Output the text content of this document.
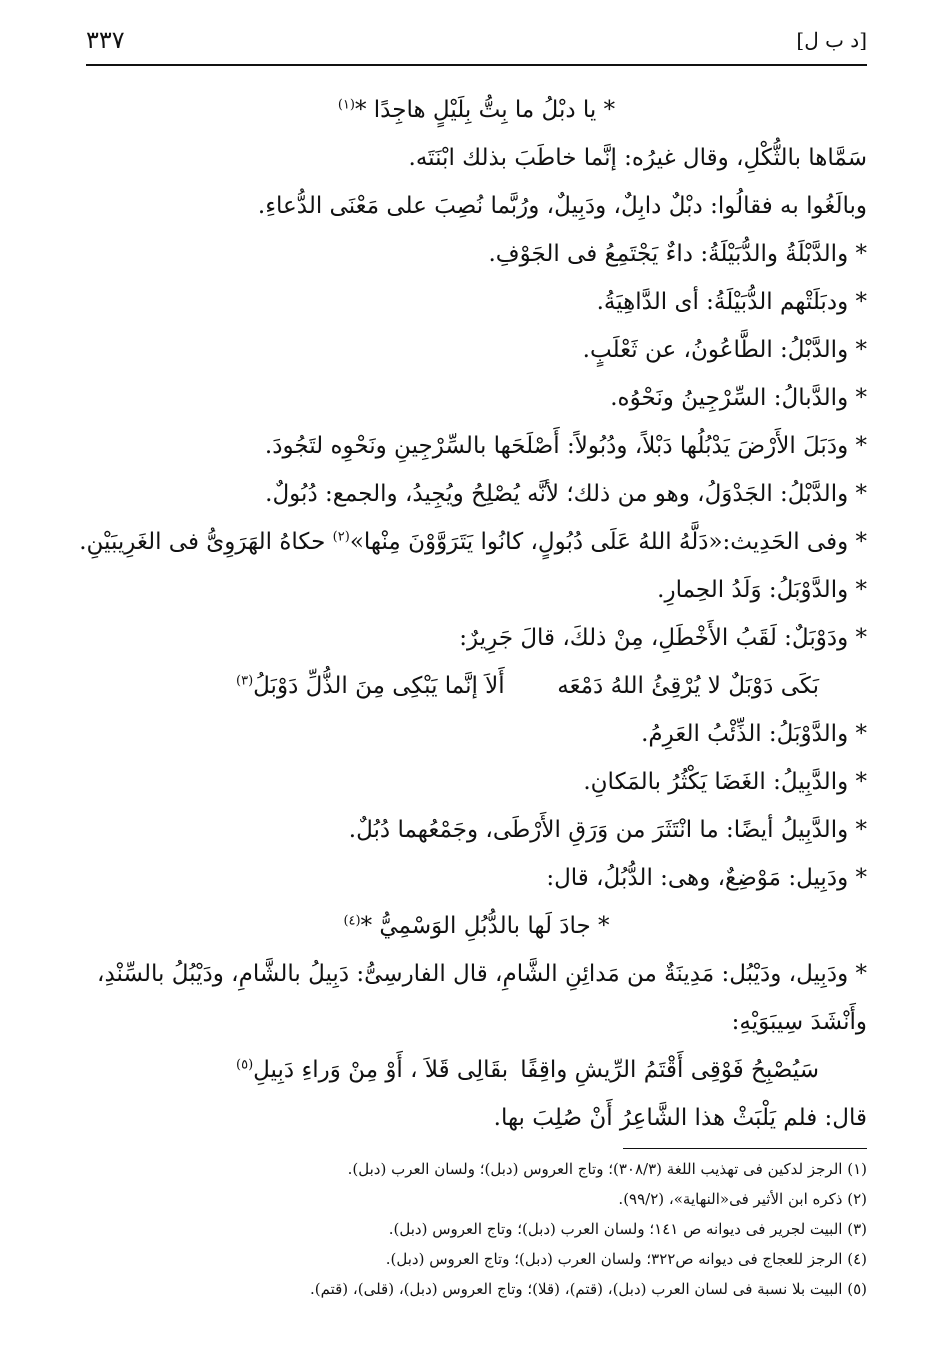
٣٣٧	[د ب ل]
* يا دبْلُ ما بِتُّ بِلَيْلٍ هاجِدًا *$^{(١)}$
سَمَّاها بالثُّكْلِ، وقال غيرُه: إنَّما خاطَبَ بذلك ابْنَتَه.
وبالَغُوا به فقالُوا: دبْلٌ دابِلٌ، ودَبِيلٌ، ورُبَّما نُصِبَ على مَعْنَى الدُّعاءِ.
* والدَّبْلَةُ والدُّبَيْلَةُ: داءٌ يَجْتَمِعُ فى الجَوْفِ.
* ودبَلَتْهم الدُّبَيْلَةُ: أى الدَّاهِيَةُ.
* والدَّبْلُ: الطَّاعُونُ، عن ثَعْلَبٍ.
* والدَّبالُ: السِّرْجِينُ ونَحْوُه.
* ودَبَلَ الأَرْضَ يَدْبُلُها دَبْلاً، ودُبُولاً: أَصْلَحَها بالسِّرْجِينِ ونَحْوِه لتَجُودَ.
* والدَّبْلُ: الجَدْوَلُ، وهو من ذلك؛ لأنَّه يُصْلِحُ ويُجِيدُ، والجمع: دُبُولٌ.
* وفى الحَدِيث:«دَلَّهُ اللهُ عَلَى دُبُولٍ، كانُوا يَتَرَوَّوْنَ مِنْها»$^{(٢)}$ حكاهُ الهَرَوِىُّ فى الغَرِيبَيْنِ.
* والدَّوْبَلُ: وَلَدُ الحِمارِ.
* ودَوْبَلٌ: لَقَبُ الأَخْطَلِ، مِنْ ذلكَ، قالَ جَرِيرٌ:
بَكَى دَوْبَلٌ لا يُرْقِئُ اللهُ دَمْعَه
أَلاَ إنَّما يَبْكِى مِنَ الذُّلِّ دَوْبَلُ$^{(٣)}$
* والدَّوْبَلُ: الذِّئْبُ العَرِمُ.
* والدَّبِيلُ: الغَضَا يَكْثُرُ بالمَكانِ.
* والدَّبِيلُ أيضًا: ما انْتَثَرَ من وَرَقِ الأَرْطَى، وجَمْعُهما دُبُلٌ.
* ودَبِيل: مَوْضِعٌ، وهى: الدُّبُلُ، قال:
* جادَ لَها بالدُّبُلِ الوَسْمِيُّ *$^{(٤)}$
* ودَبِيل، ودَيْبُل: مَدِينَةٌ من مَدائِنِ الشَّامِ، قال الفارسِىُّ: دَبِيلُ بالشَّامِ، ودَيْبُلُ بالسِّنْدِ،
وأَنْشَدَ سِيبَوَيْهِ:
سَيُصْبِحُ فَوْقِى أَقْتَمُ الرِّيشِ واقِفًا
بقَالِى قَلاَ ، أَوْ مِنْ وَراءِ دَبِيلِ$^{(٥)}$
قال: فلم يَلْبَثْ هذا الشَّاعِرُ أَنْ صُلِبَ بها.
(١) الرجز لدكين فى تهذيب اللغة (٣٠٨/٣)؛ وتاج العروس (دبل)؛ ولسان العرب (دبل).
(٢) ذكره ابن الأثير فى«النهاية»، (٩٩/٢).
(٣) البيت لجرير فى ديوانه ص ١٤١؛ ولسان العرب (دبل)؛ وتاج العروس (دبل).
(٤) الرجز للعجاج فى ديوانه ص٣٢٢؛ ولسان العرب (دبل)؛ وتاج العروس (دبل).
(٥) البيت بلا نسبة فى لسان العرب (دبل)، (قتم)، (قلا)؛ وتاج العروس (دبل)، (قلى)، (قتم).
